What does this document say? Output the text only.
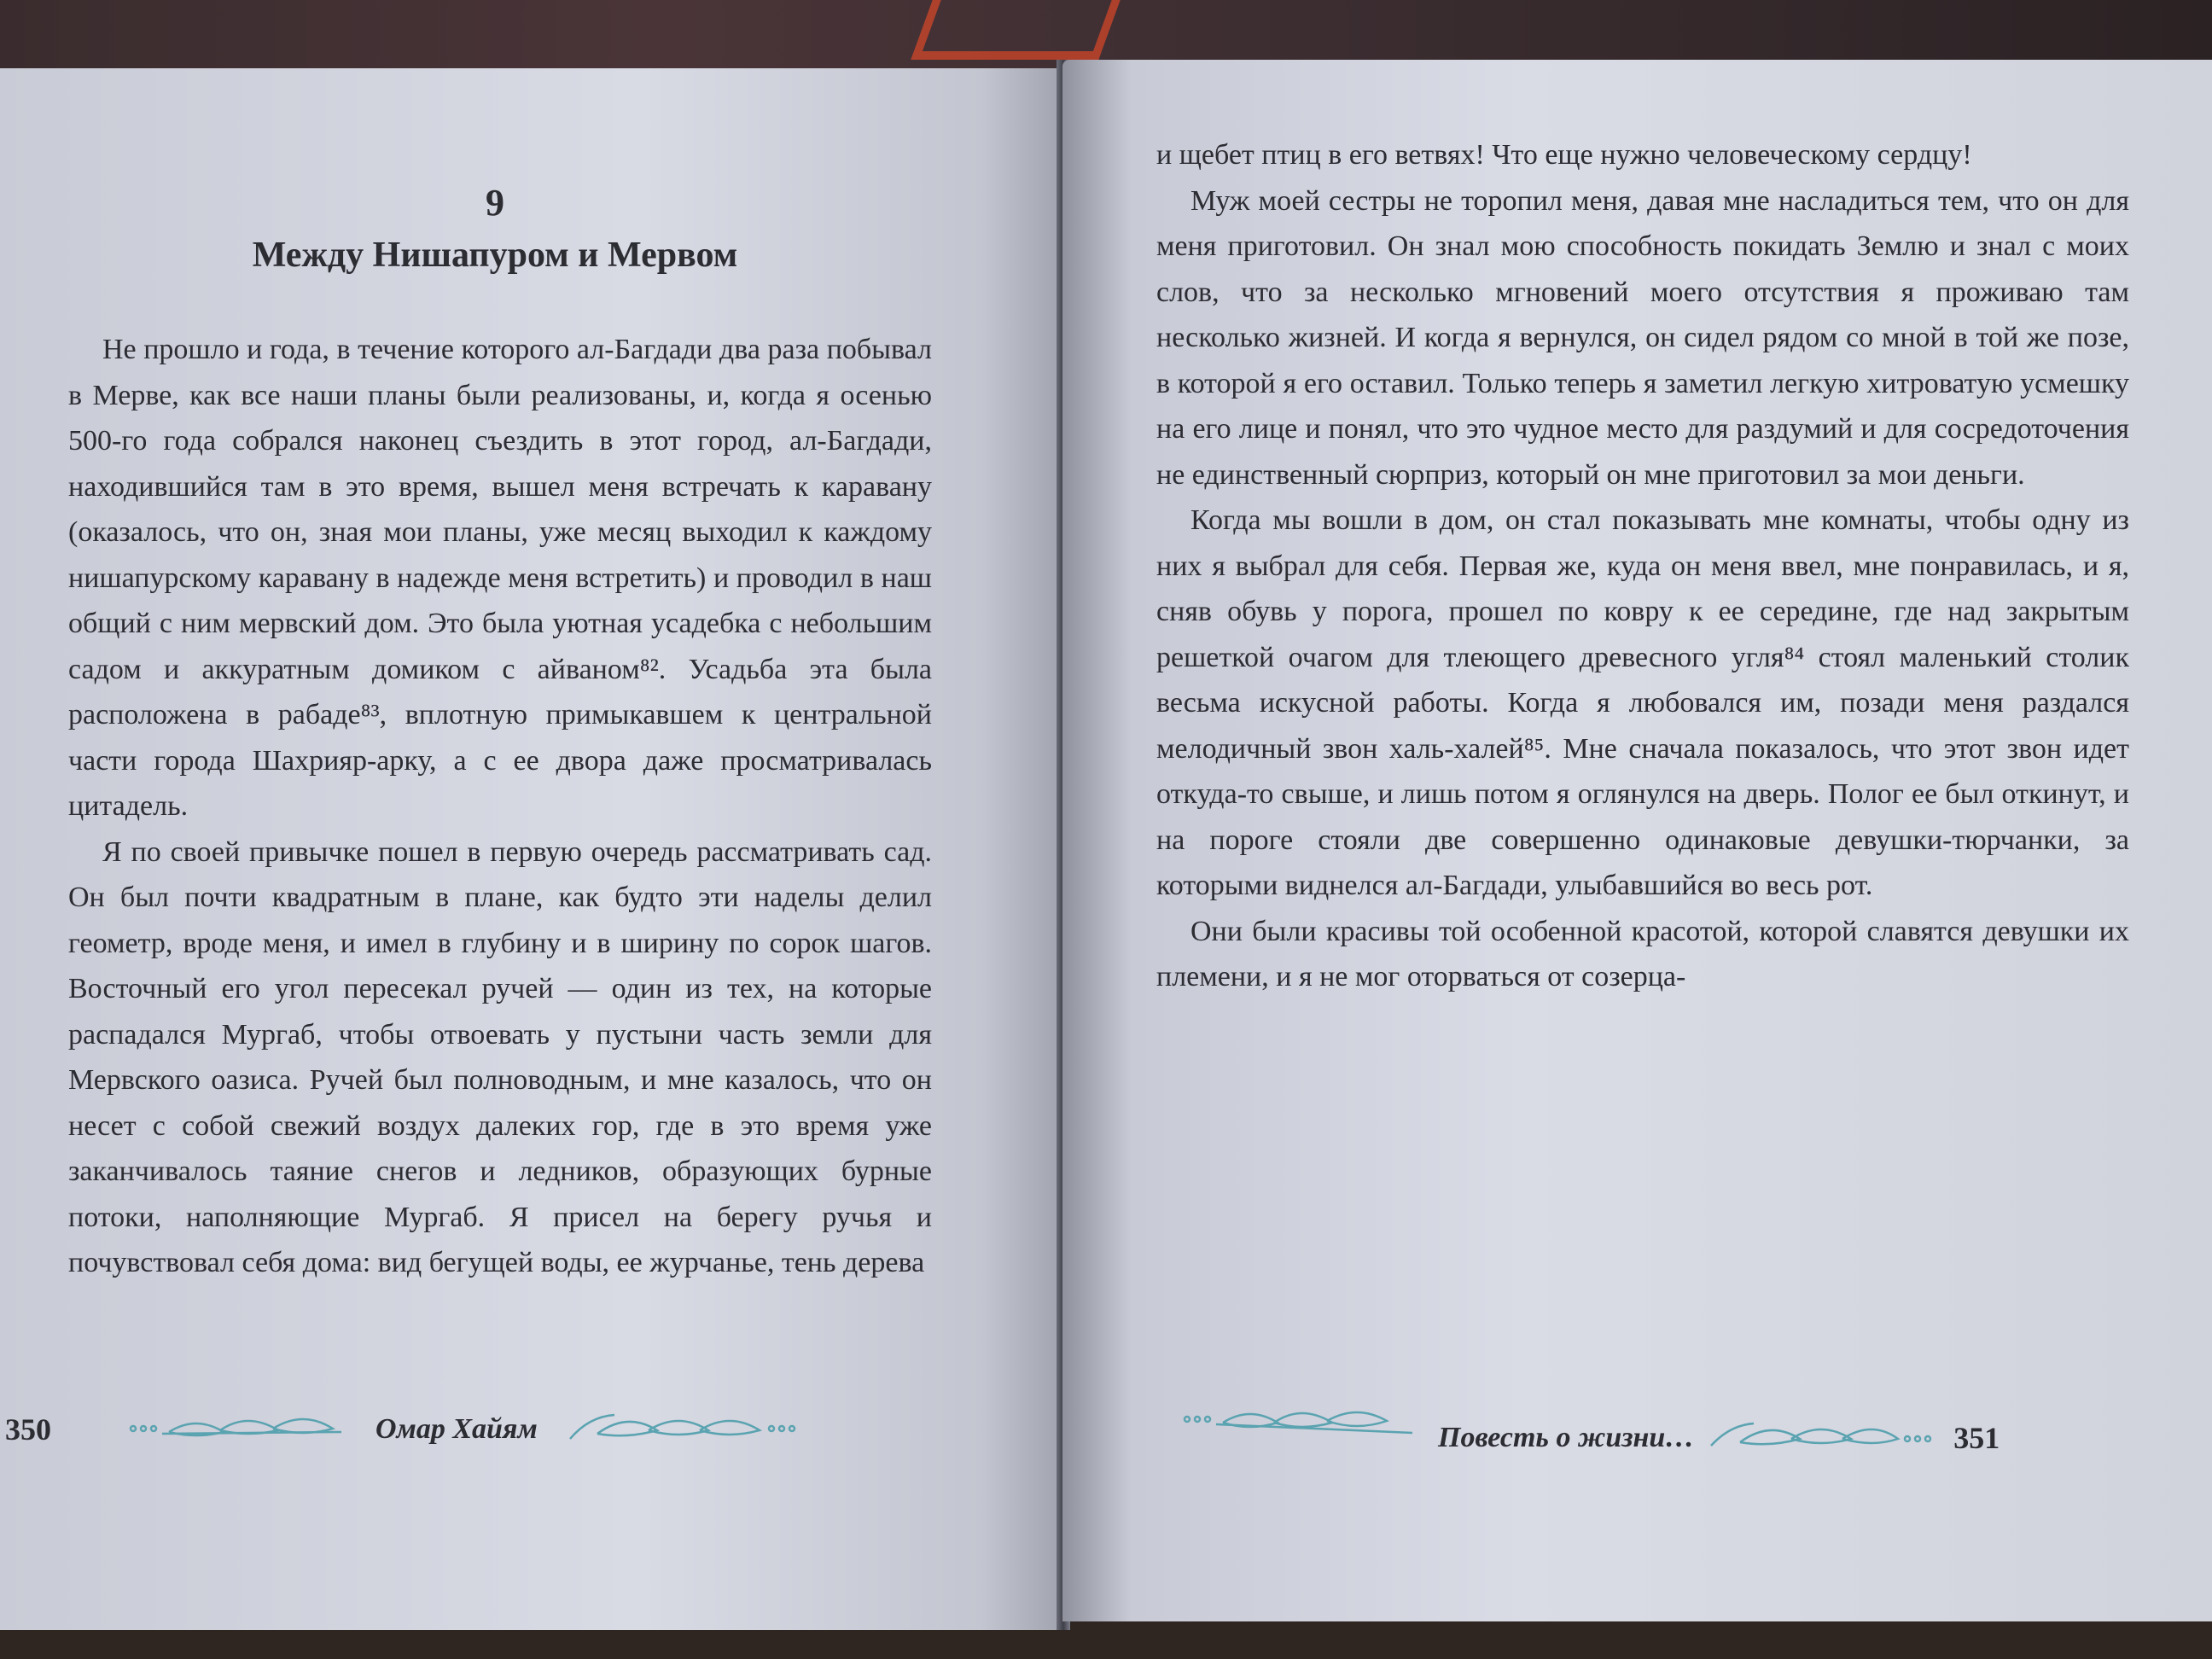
9
Между Нишапуром и Мервом

Не прошло и года, в течение которого ал-Багдади два раза побывал в Мерве, как все наши планы были реализованы, и, когда я осенью 500-го года собрался наконец съездить в этот город, ал-Багдади, находившийся там в это время, вышел меня встречать к каравану (оказалось, что он, зная мои планы, уже месяц выходил к каждому нишапурскому каравану в надежде меня встретить) и проводил в наш общий с ним мервский дом. Это была уютная усадебка с небольшим садом и аккуратным домиком с айваном⁸². Усадьба эта была расположена в рабаде⁸³, вплотную примыкавшем к центральной части города Шахрияр-арку, а с ее двора даже просматривалась цитадель.

Я по своей привычке пошел в первую очередь рассматривать сад. Он был почти квадратным в плане, как будто эти наделы делил геометр, вроде меня, и имел в глубину и в ширину по сорок шагов. Восточный его угол пересекал ручей — один из тех, на которые распадался Мургаб, чтобы отвоевать у пустыни часть земли для Мервского оазиса. Ручей был полноводным, и мне казалось, что он несет с собой свежий воздух далеких гор, где в это время уже заканчивалось таяние снегов и ледников, образующих бурные потоки, наполняющие Мургаб. Я присел на берегу ручья и почувствовал себя дома: вид бегущей воды, ее журчанье, тень дерева

350	Омар Хайям

и щебет птиц в его ветвях! Что еще нужно человеческому сердцу!

Муж моей сестры не торопил меня, давая мне насладиться тем, что он для меня приготовил. Он знал мою способность покидать Землю и знал с моих слов, что за несколько мгновений моего отсутствия я проживаю там несколько жизней. И когда я вернулся, он сидел рядом со мной в той же позе, в которой я его оставил. Только теперь я заметил легкую хитроватую усмешку на его лице и понял, что это чудное место для раздумий и для сосредоточения не единственный сюрприз, который он мне приготовил за мои деньги.

Когда мы вошли в дом, он стал показывать мне комнаты, чтобы одну из них я выбрал для себя. Первая же, куда он меня ввел, мне понравилась, и я, сняв обувь у порога, прошел по ковру к ее середине, где над закрытым решеткой очагом для тлеющего древесного угля⁸⁴ стоял маленький столик весьма искусной работы. Когда я любовался им, позади меня раздался мелодичный звон халь-халей⁸⁵. Мне сначала показалось, что этот звон идет откуда-то свыше, и лишь потом я оглянулся на дверь. Полог ее был откинут, и на пороге стояли две совершенно одинаковые девушки-тюрчанки, за которыми виднелся ал-Багдади, улыбавшийся во весь рот.

Они были красивы той особенной красотой, которой славятся девушки их племени, и я не мог оторваться от созерца-

Повесть о жизни…	351
